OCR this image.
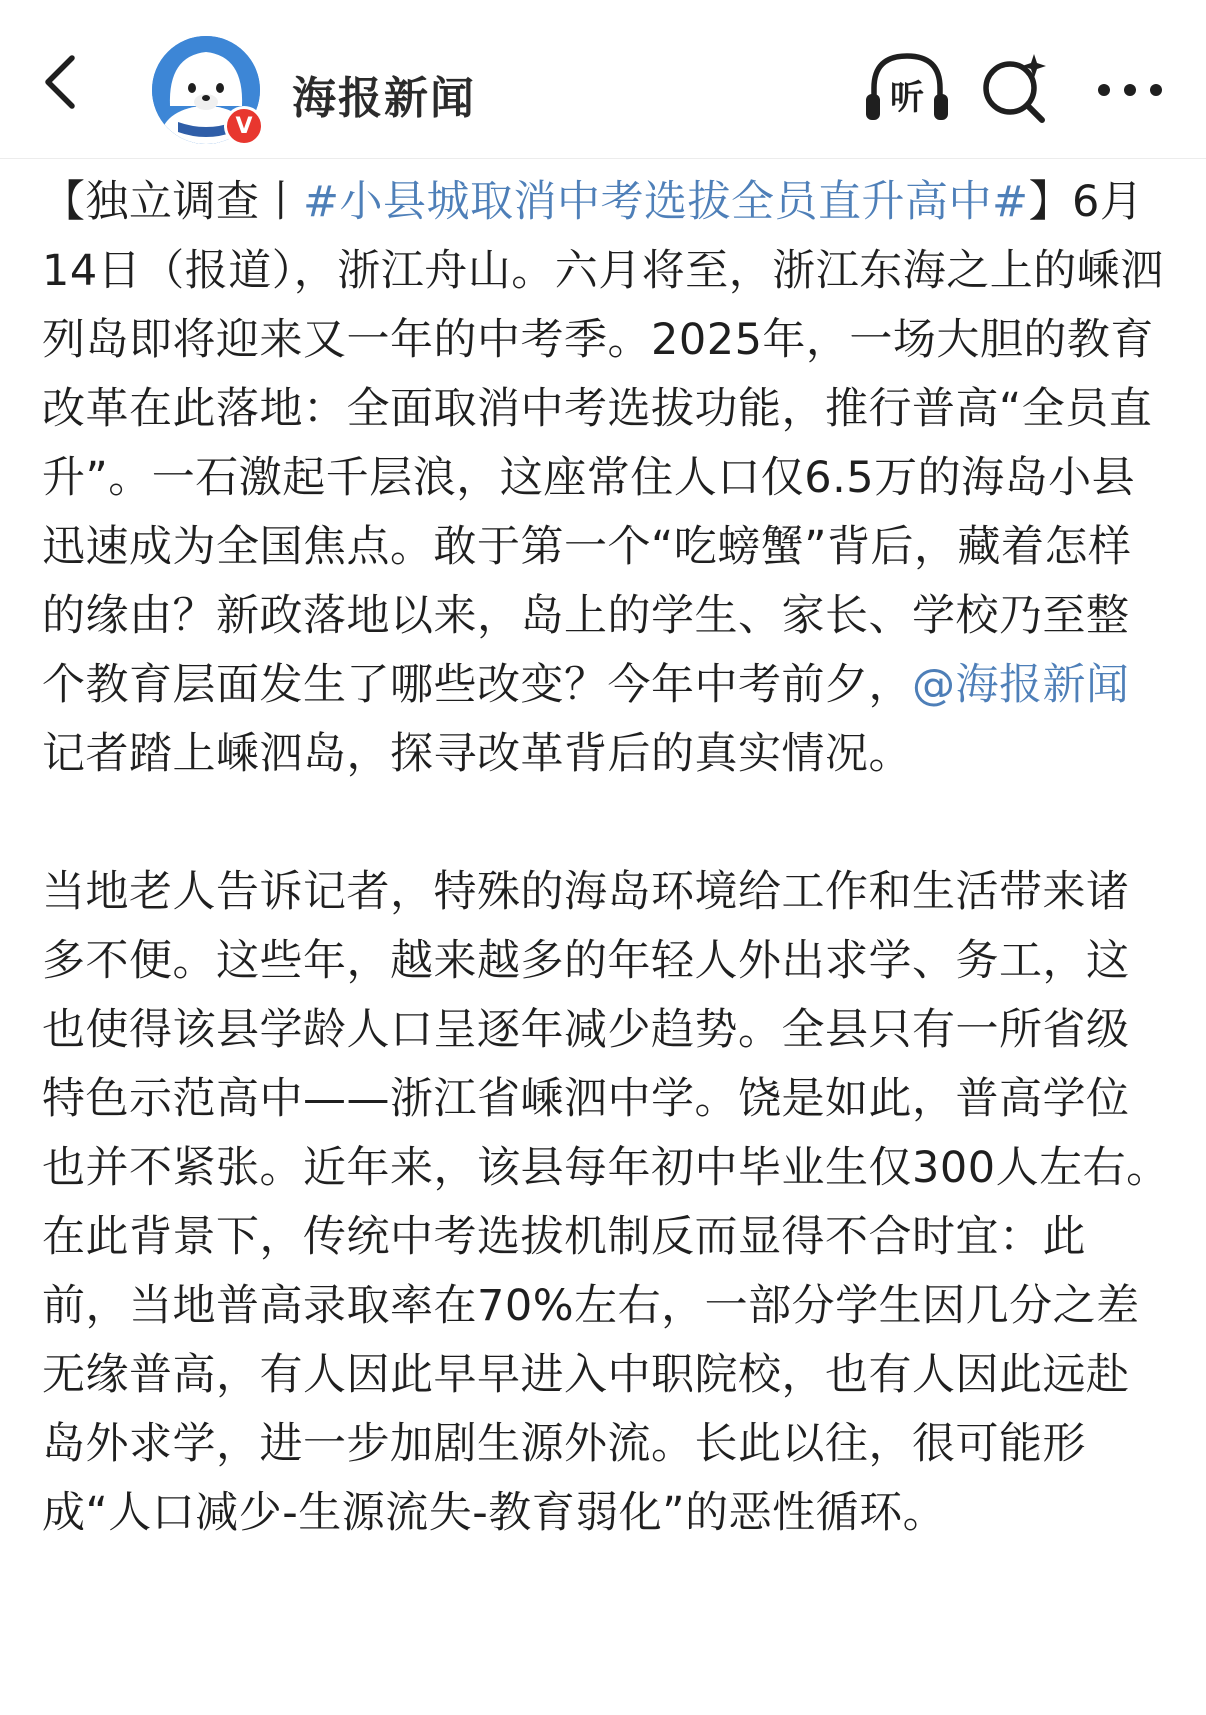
V
海报新闻	听

【独立调查丨#小县城取消中考选拔全员直升高中#】6月14日（报道），浙江舟山。六月将至，浙江东海之上的嵊泗列岛即将迎来又一年的中考季。2025年，一场大胆的教育改革在此落地：全面取消中考选拔功能，推行普高“全员直升”。一石激起千层浪，这座常住人口仅6.5万的海岛小县迅速成为全国焦点。敢于第一个“吃螃蟹”背后，藏着怎样的缘由？新政落地以来，岛上的学生、家长、学校乃至整个教育层面发生了哪些改变？今年中考前夕，@海报新闻 记者踏上嵊泗岛，探寻改革背后的真实情况。

当地老人告诉记者，特殊的海岛环境给工作和生活带来诸多不便。这些年，越来越多的年轻人外出求学、务工，这也使得该县学龄人口呈逐年减少趋势。全县只有一所省级特色示范高中——浙江省嵊泗中学。饶是如此，普高学位也并不紧张。近年来，该县每年初中毕业生仅300人左右。在此背景下，传统中考选拔机制反而显得不合时宜：此前，当地普高录取率在70%左右，一部分学生因几分之差无缘普高，有人因此早早进入中职院校，也有人因此远赴岛外求学，进一步加剧生源外流。长此以往，很可能形成“人口减少-生源流失-教育弱化”的恶性循环。
